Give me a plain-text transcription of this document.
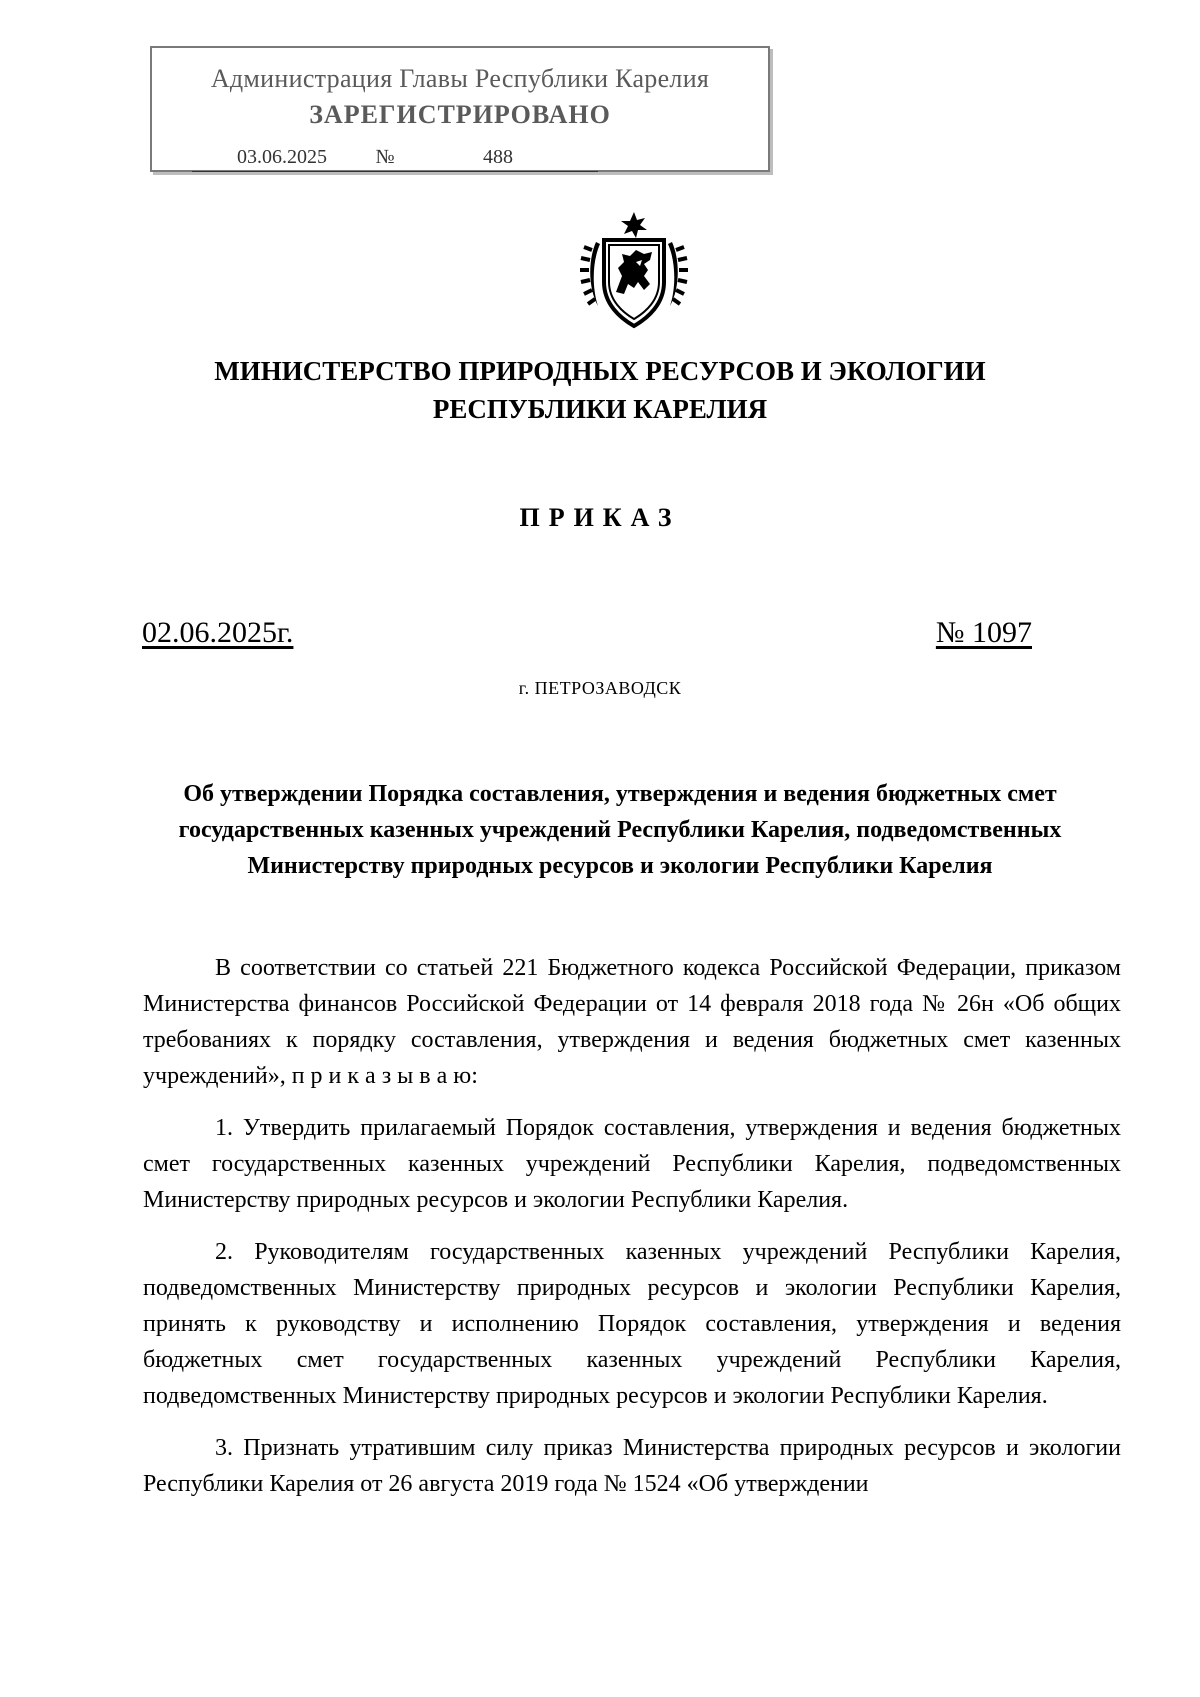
Администрация Главы Республики Карелия
ЗАРЕГИСТРИРОВАНО
03.06.2025 №	488
МИНИСТЕРСТВО ПРИРОДНЫХ РЕСУРСОВ И ЭКОЛОГИИ
РЕСПУБЛИКИ КАРЕЛИЯ
ПРИКАЗ
02.06.2025г.	№ 1097
г. ПЕТРОЗАВОДСК
Об утверждении Порядка составления, утверждения и ведения бюджетных смет государственных казенных учреждений Республики Карелия, подведомственных Министерству природных ресурсов и экологии Республики Карелия

В соответствии со статьей 221 Бюджетного кодекса Российской Федерации, приказом Министерства финансов Российской Федерации от 14 февраля 2018 года № 26н «Об общих требованиях к порядку составления, утверждения и ведения бюджетных смет казенных учреждений», п р и к а з ы в а ю:

1. Утвердить прилагаемый Порядок составления, утверждения и ведения бюджетных смет государственных казенных учреждений Республики Карелия, подведомственных Министерству природных ресурсов и экологии Республики Карелия.

2. Руководителям государственных казенных учреждений Республики Карелия, подведомственных Министерству природных ресурсов и экологии Республики Карелия, принять к руководству и исполнению Порядок составления, утверждения и ведения бюджетных смет государственных казенных учреждений Республики Карелия, подведомственных Министерству природных ресурсов и экологии Республики Карелия.

3. Признать утратившим силу приказ Министерства природных ресурсов и экологии Республики Карелия от 26 августа 2019 года № 1524 «Об утверждении
